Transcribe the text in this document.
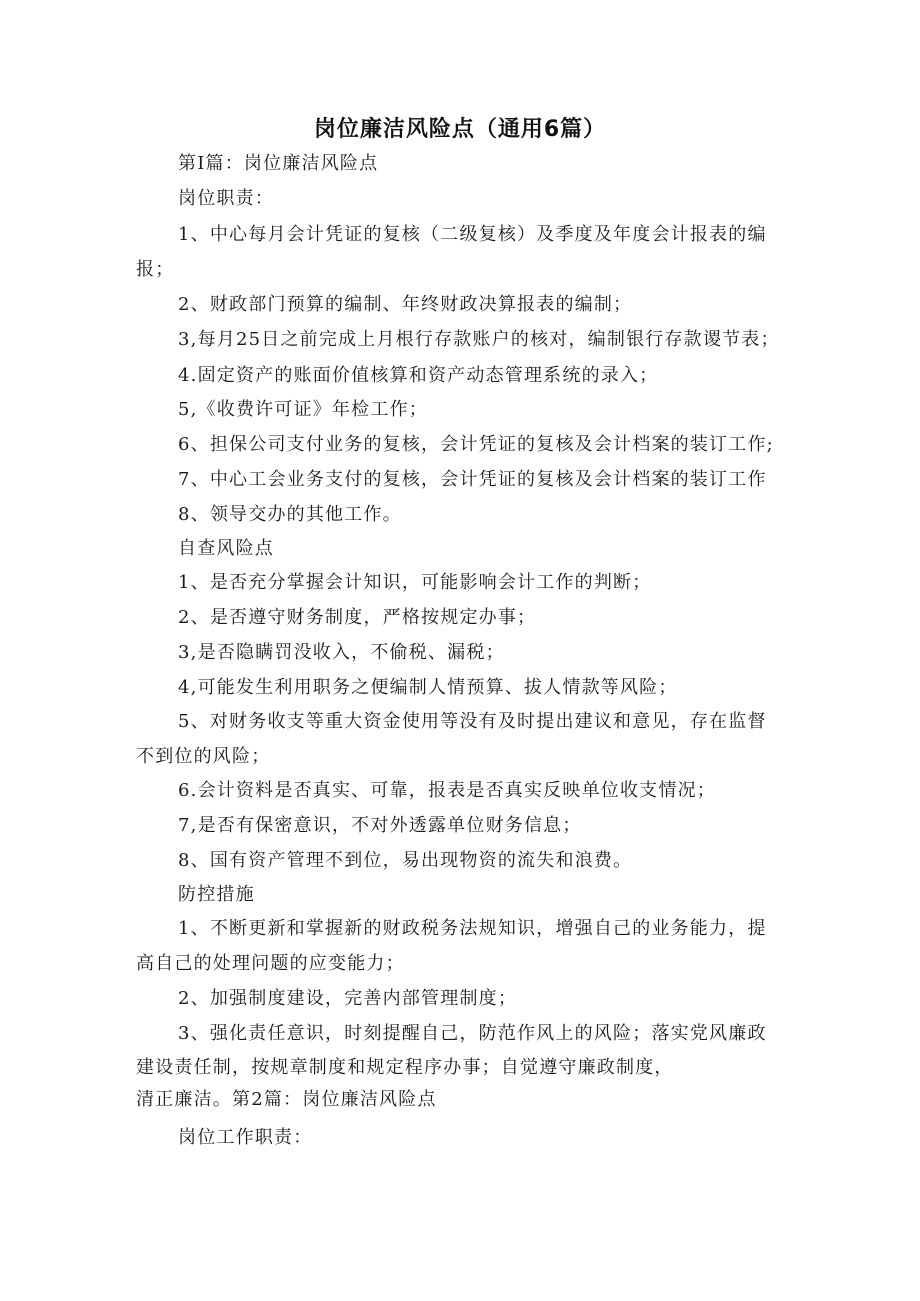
岗位廉洁风险点（通用6篇）
第Ⅰ篇：岗位廉洁风险点
岗位职责：
1、中心每月会计凭证的复核（二级复核）及季度及年度会计报表的编
报；
2、财政部门预算的编制、年终财政决算报表的编制；
3,每月25日之前完成上月根行存款账户的核对，编制银行存款谡节表；
4.固定资产的账面价值核算和资产动态管理系统的录入；
5,《收费许可证》年检工作；
6、担保公司支付业务的复核，会计凭证的复核及会计档案的装订工作;
7、中心工会业务支付的复核，会计凭证的复核及会计档案的装订工作
8、领导交办的其他工作。
自查风险点
1、是否充分掌握会计知识，可能影响会计工作的判断；
2、是否遵守财务制度，严格按规定办事；
3,是否隐瞒罚没收入，不偷税、漏税；
4,可能发生利用职务之便编制人情预算、拔人情款等风险；
5、对财务收支等重大资金使用等没有及时提出建议和意见，存在监督
不到位的风险；
6.会计资料是否真实、可靠，报表是否真实反映单位收支情况；
7,是否有保密意识，不对外透露单位财务信息；
8、国有资产管理不到位，易出现物资的流失和浪费。
防控措施
1、不断更新和掌握新的财政税务法规知识，增强自己的业务能力，提
高自己的处理问题的应变能力；
2、加强制度建设，完善内部管理制度；
3、强化责任意识，时刻提醒自己，防范作风上的风险；落实党风廉政
建设责任制，按规章制度和规定程序办事；自觉遵守廉政制度，
清正廉洁。第2篇：岗位廉洁风险点
岗位工作职责：
